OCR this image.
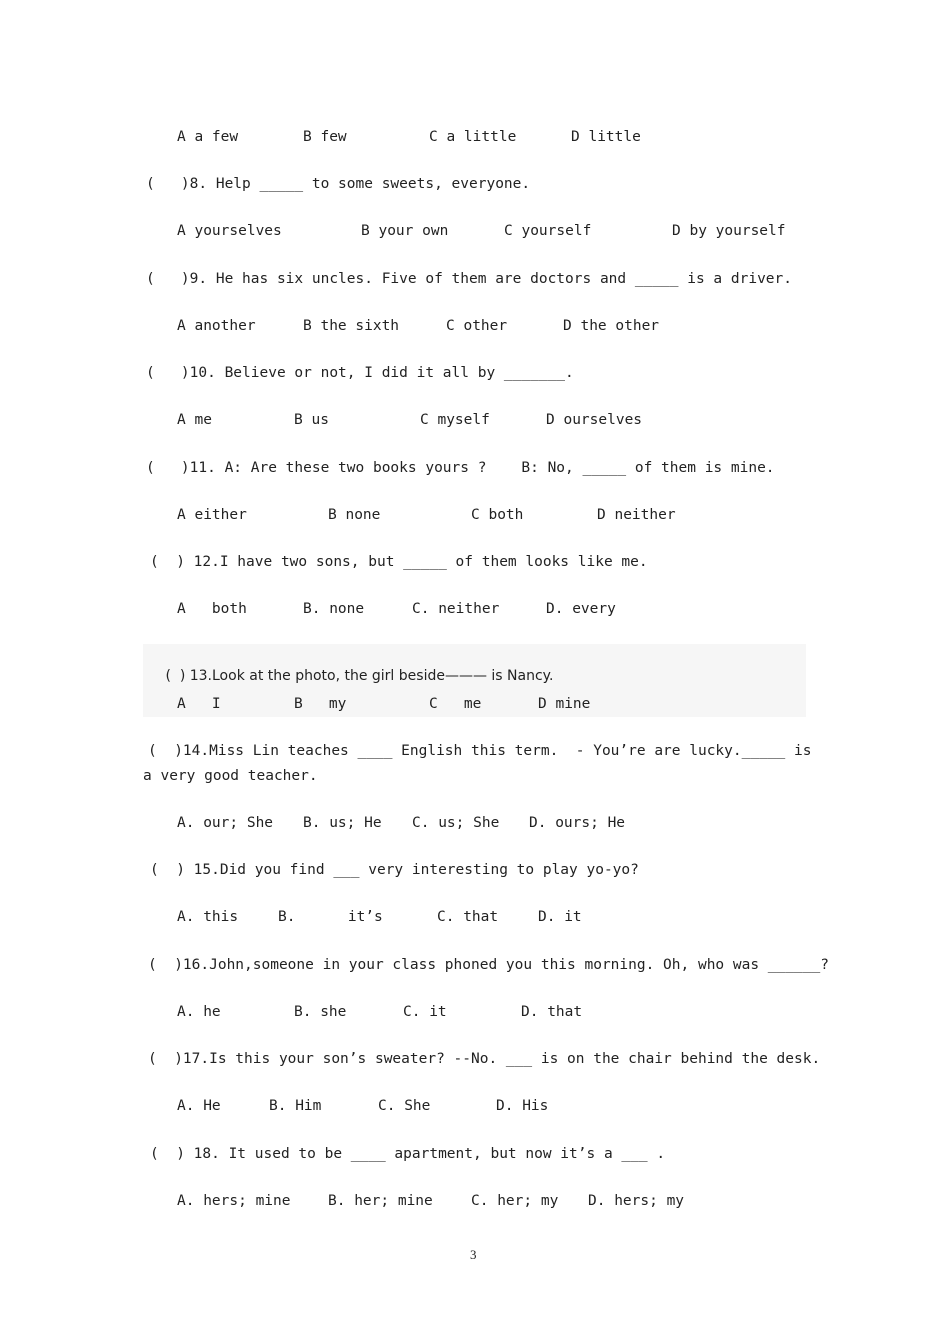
A a few	B few	C a little	D little
(   )8. Help _____ to some sweets, everyone.
A yourselves	B your own	C yourself	D by yourself
(   )9. He has six uncles. Five of them are doctors and _____ is a driver.
A another	B the sixth	C other	D the other
(   )10. Believe or not, I did it all by _______.
A me	B us	C myself	D ourselves
(   )11. A: Are these two books yours ?    B: No, _____ of them is mine.
A either	B none	C both	D neither
(  ) 12.I have two sons, but _____ of them looks like me.
A   both	B. none	C. neither	D. every

(  ) 13.Look at the photo, the girl beside——— is Nancy.

A   I	B   my	C   me	D mine
(  )14.Miss Lin teaches ____ English this term.  - You’re are lucky._____ is
a very good teacher.
A. our; She B. us; He C. us; She D. ours; He
(  ) 15.Did you find ___ very interesting to play yo-yo?
A. this	B.      it’s	C. that	D. it
(  )16.John,someone in your class phoned you this morning. Oh, who was ______?
A. he	B. she	C. it	D. that
(  )17.Is this your son’s sweater? --No. ___ is on the chair behind the desk.
A. He	B. Him	C. She	D. His
(  ) 18. It used to be ____ apartment, but now it’s a ___ .
A. hers; mine	B. her; mine	C. her; my D. hers; my
3
